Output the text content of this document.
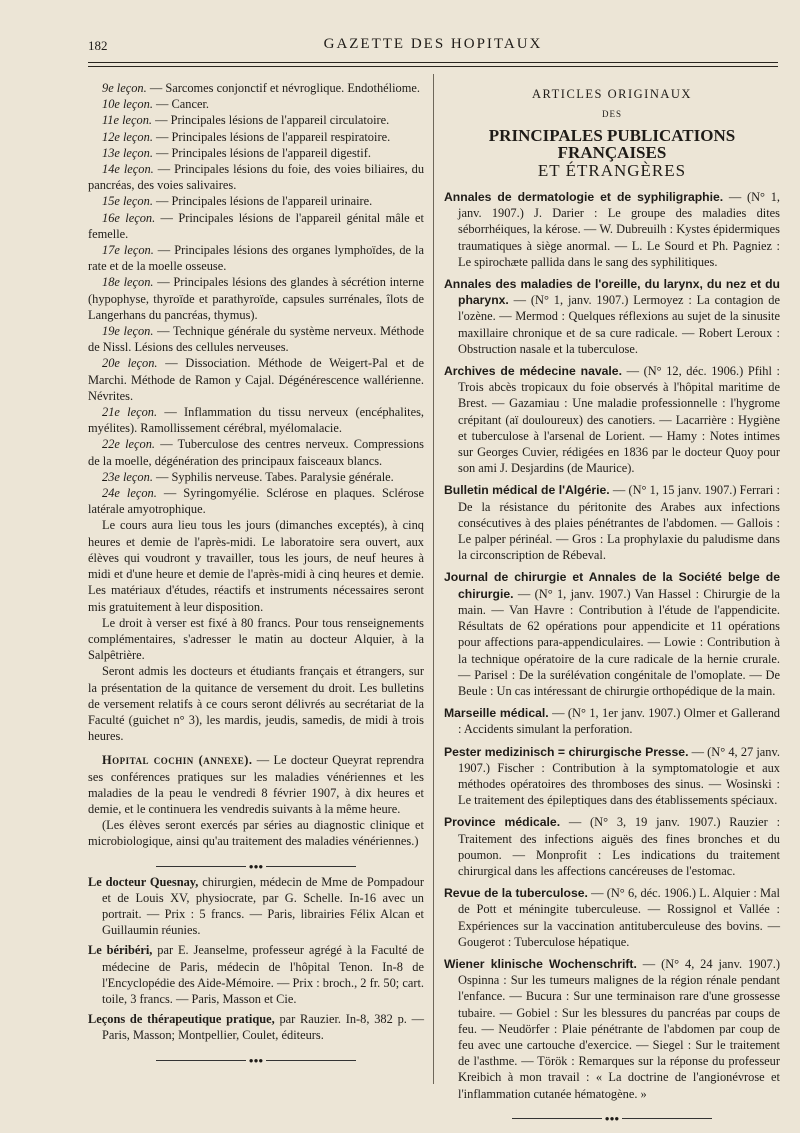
182	GAZETTE DES HOPITAUX

9e leçon. — Sarcomes conjonctif et névroglique. Endothéliome.

10e leçon. — Cancer.

11e leçon. — Principales lésions de l'appareil circulatoire.

12e leçon. — Principales lésions de l'appareil respiratoire.

13e leçon. — Principales lésions de l'appareil digestif.

14e leçon. — Principales lésions du foie, des voies biliaires, du pancréas, des voies salivaires.

15e leçon. — Principales lésions de l'appareil urinaire.

16e leçon. — Principales lésions de l'appareil génital mâle et femelle.

17e leçon. — Principales lésions des organes lymphoïdes, de la rate et de la moelle osseuse.

18e leçon. — Principales lésions des glandes à sécrétion interne (hypophyse, thyroïde et parathyroïde, capsules surrénales, îlots de Langerhans du pancréas, thymus).

19e leçon. — Technique générale du système nerveux. Méthode de Nissl. Lésions des cellules nerveuses.

20e leçon. — Dissociation. Méthode de Weigert-Pal et de Marchi. Méthode de Ramon y Cajal. Dégénérescence wallérienne. Névrites.

21e leçon. — Inflammation du tissu nerveux (encéphalites, myélites). Ramollissement cérébral, myélomalacie.

22e leçon. — Tuberculose des centres nerveux. Compressions de la moelle, dégénération des principaux faisceaux blancs.

23e leçon. — Syphilis nerveuse. Tabes. Paralysie générale.

24e leçon. — Syringomyélie. Sclérose en plaques. Sclérose latérale amyotrophique.

Le cours aura lieu tous les jours (dimanches exceptés), à cinq heures et demie de l'après-midi. Le laboratoire sera ouvert, aux élèves qui voudront y travailler, tous les jours, de neuf heures à midi et d'une heure et demie de l'après-midi à cinq heures et demie. Les matériaux d'études, réactifs et instruments nécessaires seront mis gratuitement à leur disposition.

Le droit à verser est fixé à 80 francs. Pour tous renseignements complémentaires, s'adresser le matin au docteur Alquier, à la Salpêtrière.

Seront admis les docteurs et étudiants français et étrangers, sur la présentation de la quitance de versement du droit. Les bulletins de versement relatifs à ce cours seront délivrés au secrétariat de la Faculté (guichet n° 3), les mardis, jeudis, samedis, de midi à trois heures.

Hopital cochin (annexe). — Le docteur Queyrat reprendra ses conférences pratiques sur les maladies vénériennes et les maladies de la peau le vendredi 8 février 1907, à dix heures et demie, et le continuera les vendredis suivants à la même heure.

(Les élèves seront exercés par séries au diagnostic clinique et microbiologique, ainsi qu'au traitement des maladies vénériennes.)

●●●

Le docteur Quesnay, chirurgien, médecin de Mme de Pompadour et de Louis XV, physiocrate, par G. Schelle. In-16 avec un portrait. — Prix : 5 francs. — Paris, librairies Félix Alcan et Guillaumin réunies.

Le béribéri, par E. Jeanselme, professeur agrégé à la Faculté de médecine de Paris, médecin de l'hôpital Tenon. In-8 de l'Encyclopédie des Aide-Mémoire. — Prix : broch., 2 fr. 50; cart. toile, 3 francs. — Paris, Masson et Cie.

Leçons de thérapeutique pratique, par Rauzier. In-8, 382 p. — Paris, Masson; Montpellier, Coulet, éditeurs.

●●●
ARTICLES ORIGINAUX
DES
PRINCIPALES PUBLICATIONS FRANÇAISES
ET ÉTRANGÈRES

Annales de dermatologie et de syphiligraphie. — (N° 1, janv. 1907.) J. Darier : Le groupe des maladies dites séborrhéiques, la kérose. — W. Dubreuilh : Kystes épidermiques traumatiques à siège anormal. — L. Le Sourd et Ph. Pagniez : Le spirochæte pallida dans le sang des syphilitiques.

Annales des maladies de l'oreille, du larynx, du nez et du pharynx. — (N° 1, janv. 1907.) Lermoyez : La contagion de l'ozène. — Mermod : Quelques réflexions au sujet de la sinusite maxillaire chronique et de sa cure radicale. — Robert Leroux : Obstruction nasale et la tuberculose.

Archives de médecine navale. — (N° 12, déc. 1906.) Pfihl : Trois abcès tropicaux du foie observés à l'hôpital maritime de Brest. — Gazamiau : Une maladie professionnelle : l'hygrome crépitant (aï douloureux) des canotiers. — Lacarrière : Hygiène et tuberculose à l'arsenal de Lorient. — Hamy : Notes intimes sur Georges Cuvier, rédigées en 1836 par le docteur Quoy pour son ami J. Desjardins (de Maurice).

Bulletin médical de l'Algérie. — (N° 1, 15 janv. 1907.) Ferrari : De la résistance du péritonite des Arabes aux infections consécutives à des plaies pénétrantes de l'abdomen. — Gallois : Le palper périnéal. — Gros : La prophylaxie du paludisme dans la circonscription de Rébeval.

Journal de chirurgie et Annales de la Société belge de chirurgie. — (N° 1, janv. 1907.) Van Hassel : Chirurgie de la main. — Van Havre : Contribution à l'étude de l'appendicite. Résultats de 62 opérations pour appendicite et 11 opérations pour affections para-appendiculaires. — Lowie : Contribution à la technique opératoire de la cure radicale de la hernie crurale. — Parisel : De la surélévation congénitale de l'omoplate. — De Beule : Un cas intéressant de chirurgie orthopédique de la main.

Marseille médical. — (N° 1, 1er janv. 1907.) Olmer et Gallerand : Accidents simulant la perforation.

Pester medizinisch = chirurgische Presse. — (N° 4, 27 janv. 1907.) Fischer : Contribution à la symptomatologie et aux méthodes opératoires des thromboses des sinus. — Wosinski : Le traitement des épileptiques dans des établissements spéciaux.

Province médicale. — (N° 3, 19 janv. 1907.) Rauzier : Traitement des infections aiguës des fines bronches et du poumon. — Monprofit : Les indications du traitement chirurgical dans les affections cancéreuses de l'estomac.

Revue de la tuberculose. — (N° 6, déc. 1906.) L. Alquier : Mal de Pott et méningite tuberculeuse. — Rossignol et Vallée : Expériences sur la vaccination antituberculeuse des bovins. — Gougerot : Tuberculose hépatique.

Wiener klinische Wochenschrift. — (N° 4, 24 janv. 1907.) Ospinna : Sur les tumeurs malignes de la région rénale pendant l'enfance. — Bucura : Sur une terminaison rare d'une grossesse tubaire. — Gobiel : Sur les blessures du pancréas par coups de feu. — Neudörfer : Plaie pénétrante de l'abdomen par coup de feu avec une cartouche d'exercice. — Siegel : Sur le traitement de l'asthme. — Török : Remarques sur la réponse du professeur Kreibich à mon travail : « La doctrine de l'angionévrose et l'inflammation cutanée hématogène. »

●●●
